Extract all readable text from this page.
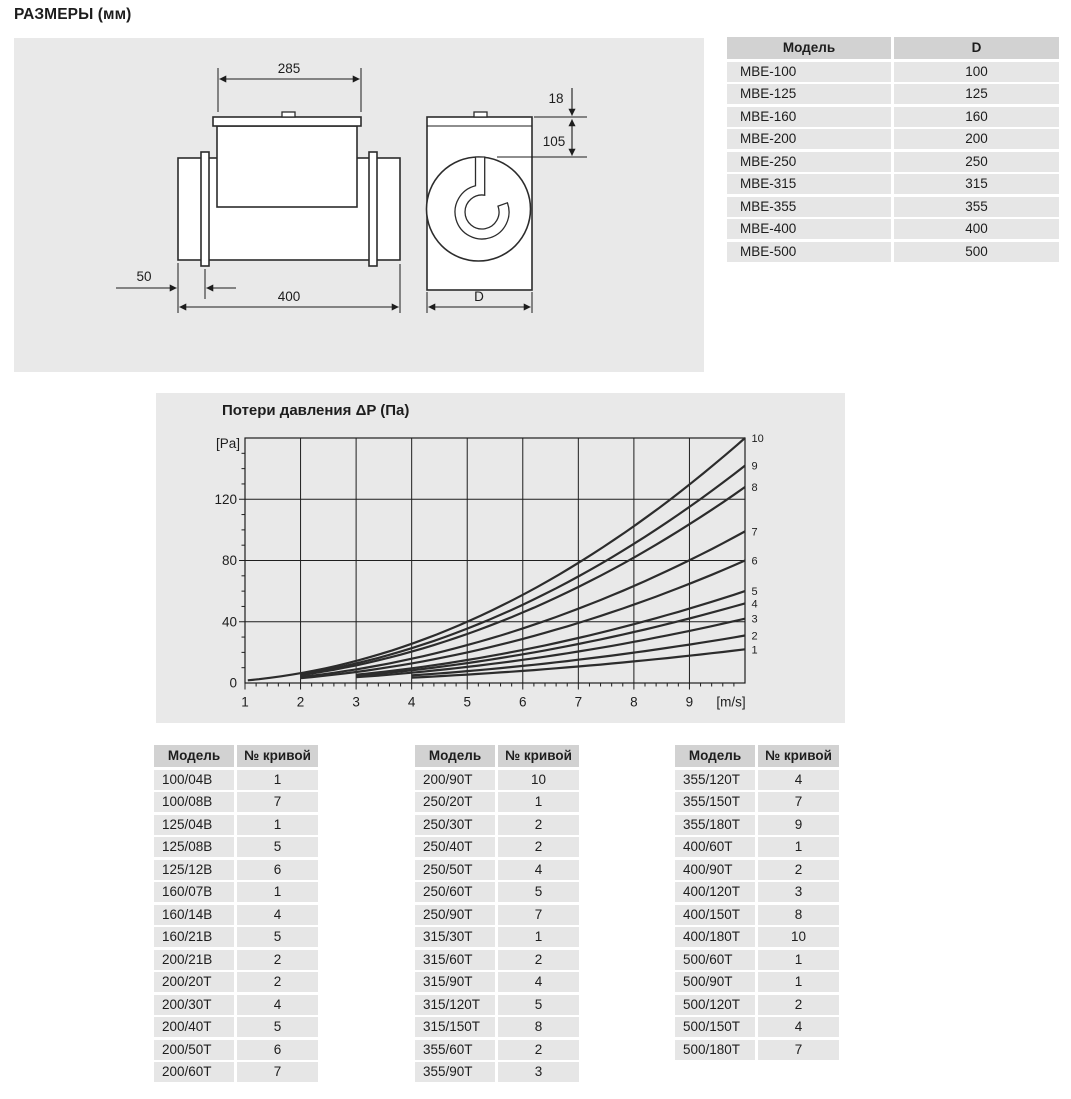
РАЗМЕРЫ (мм)
285
50
400
18
105
D
Модель	D
МВЕ-100	100
МВЕ-125	125
МВЕ-160	160
МВЕ-200	200
МВЕ-250	250
МВЕ-315	315
МВЕ-355	355
МВЕ-400	400
МВЕ-500	500
Потери давления ΔP (Па)
1	2	3	4	5	6	7	8	9
0
40
80
120
[Pa]
[m/s]
1
2
3
4
5
6
7
8
9
10
Модель	№ кривой
100/04В	1
100/08В	7
125/04В	1
125/08В	5
125/12В	6
160/07В	1
160/14В	4
160/21В	5
200/21В	2
200/20Т	2
200/30Т	4
200/40Т	5
200/50Т	6
200/60Т	7
Модель	№ кривой
200/90Т	10
250/20Т	1
250/30Т	2
250/40Т	2
250/50Т	4
250/60Т	5
250/90Т	7
315/30Т	1
315/60Т	2
315/90Т	4
315/120Т	5
315/150Т	8
355/60Т	2
355/90Т	3
Модель	№ кривой
355/120Т	4
355/150Т	7
355/180Т	9
400/60Т	1
400/90Т	2
400/120Т	3
400/150Т	8
400/180Т	10
500/60Т	1
500/90Т	1
500/120Т	2
500/150Т	4
500/180Т	7
